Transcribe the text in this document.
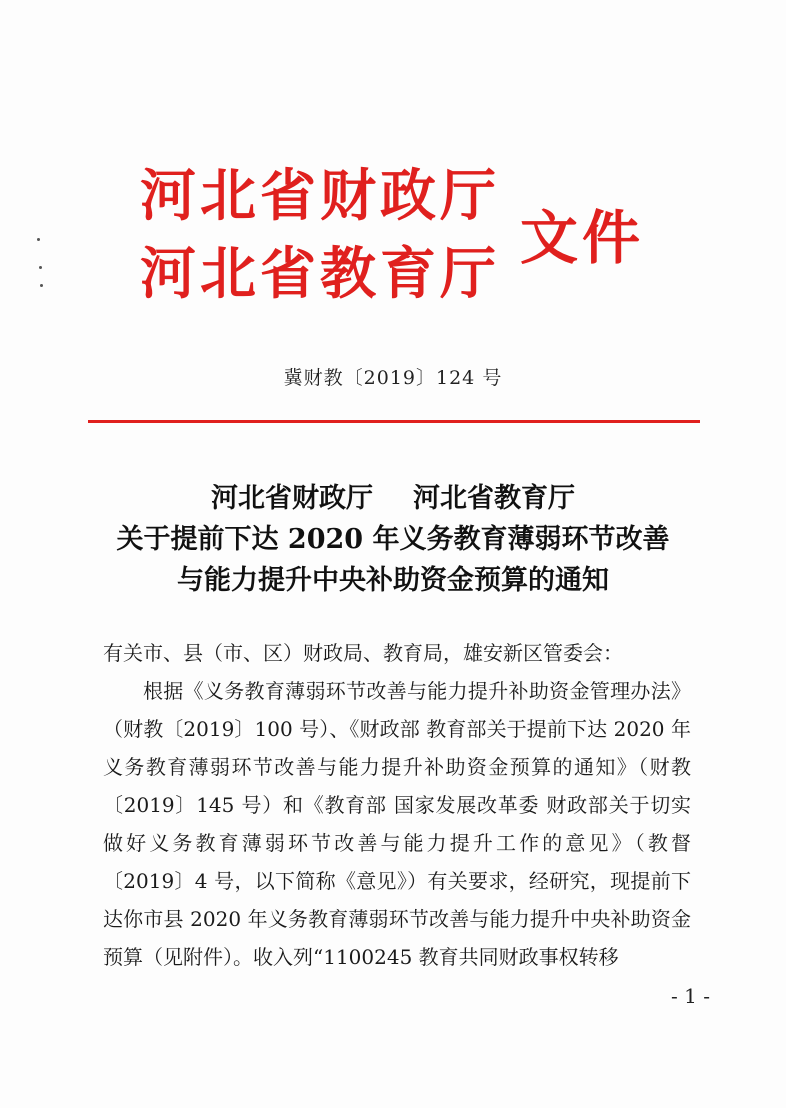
河北省财政厅
河北省教育厅
文件
冀财教〔2019〕124 号
河北省财政厅 河北省教育厅
关于提前下达 2020 年义务教育薄弱环节改善
与能力提升中央补助资金预算的通知

有关市、县（市、区）财政局、教育局，雄安新区管委会：

根据《义务教育薄弱环节改善与能力提升补助资金管理办法》（财教〔2019〕100 号）、《财政部 教育部关于提前下达 2020 年义务教育薄弱环节改善与能力提升补助资金预算的通知》（财教〔2019〕145 号）和《教育部 国家发展改革委 财政部关于切实做好义务教育薄弱环节改善与能力提升工作的意见》（教督〔2019〕4 号，以下简称《意见》）有关要求，经研究，现提前下达你市县 2020 年义务教育薄弱环节改善与能力提升中央补助资金预算（见附件）。收入列“1100245 教育共同财政事权转移

- 1 -
